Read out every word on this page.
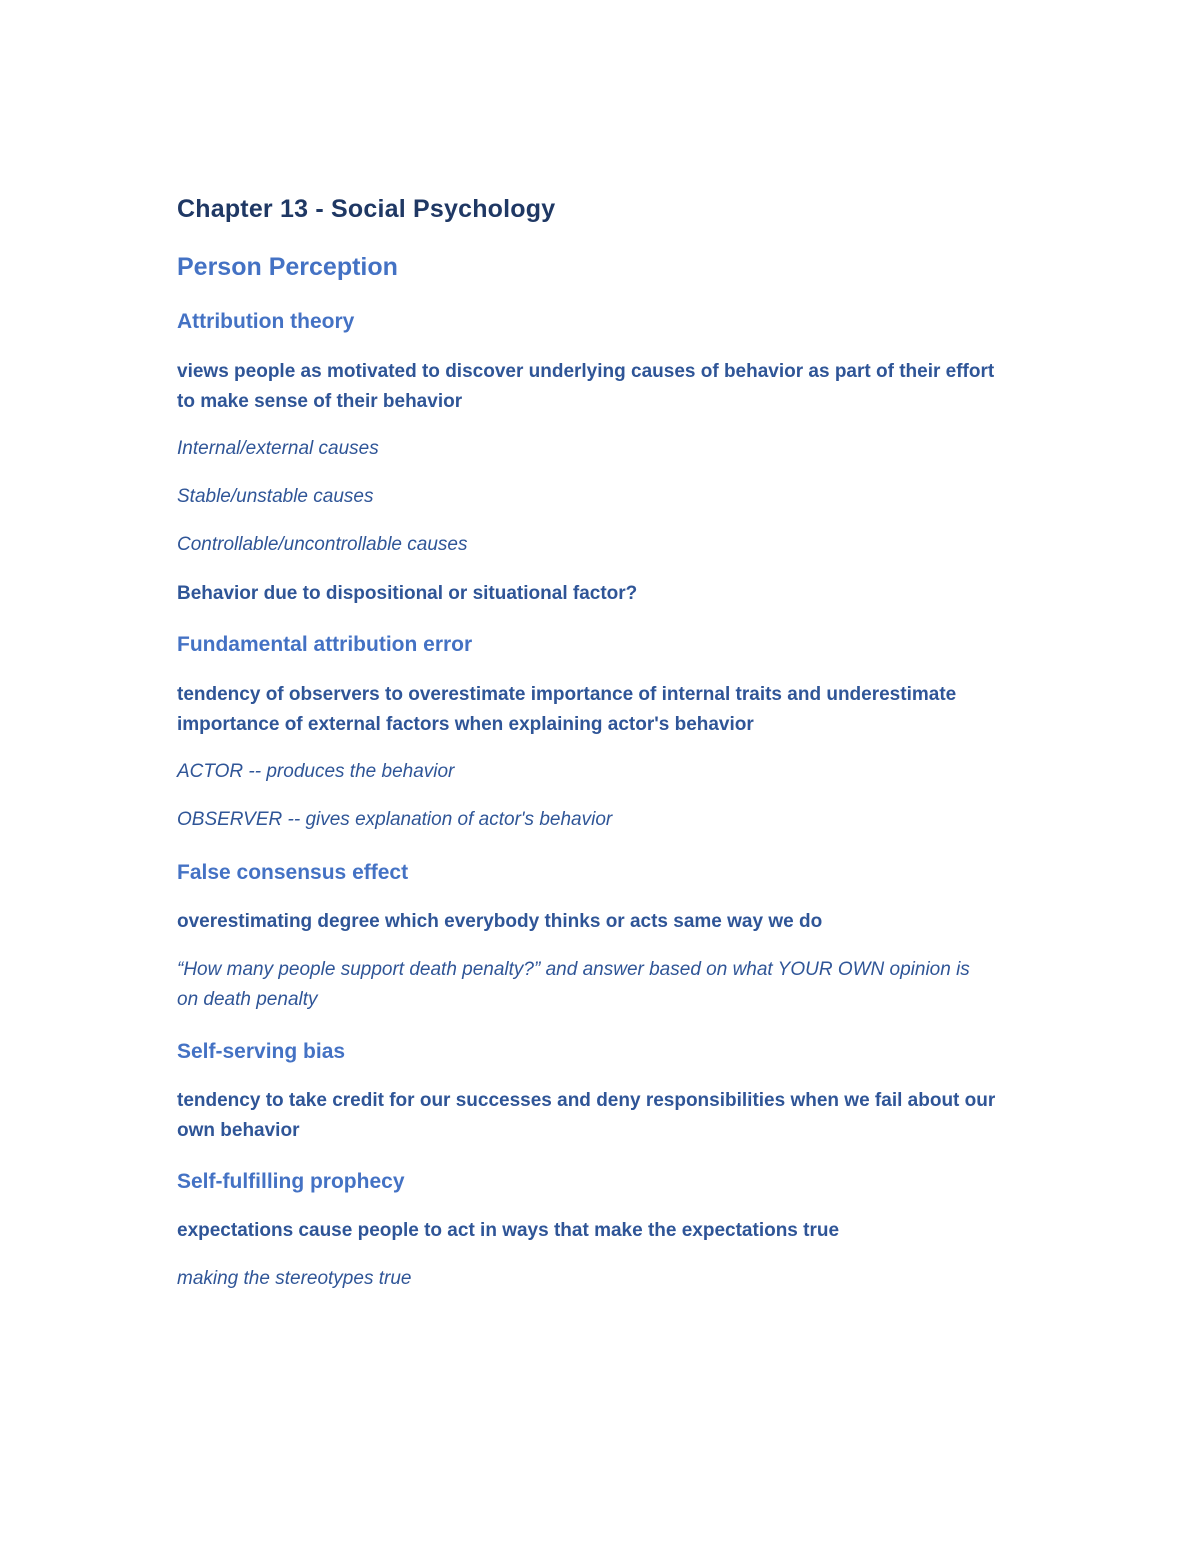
Chapter 13 - Social Psychology
Person Perception
Attribution theory
views people as motivated to discover underlying causes of behavior as part of their effort to make sense of their behavior
Internal/external causes
Stable/unstable causes
Controllable/uncontrollable causes
Behavior due to dispositional or situational factor?
Fundamental attribution error
tendency of observers to overestimate importance of internal traits and underestimate importance of external factors when explaining actor's behavior
ACTOR -- produces the behavior
OBSERVER -- gives explanation of actor's behavior
False consensus effect
overestimating degree which everybody thinks or acts same way we do
“How many people support death penalty?” and answer based on what YOUR OWN opinion is on death penalty
Self-serving bias
tendency to take credit for our successes and deny responsibilities when we fail about our own behavior
Self-fulfilling prophecy
expectations cause people to act in ways that make the expectations true
making the stereotypes true
